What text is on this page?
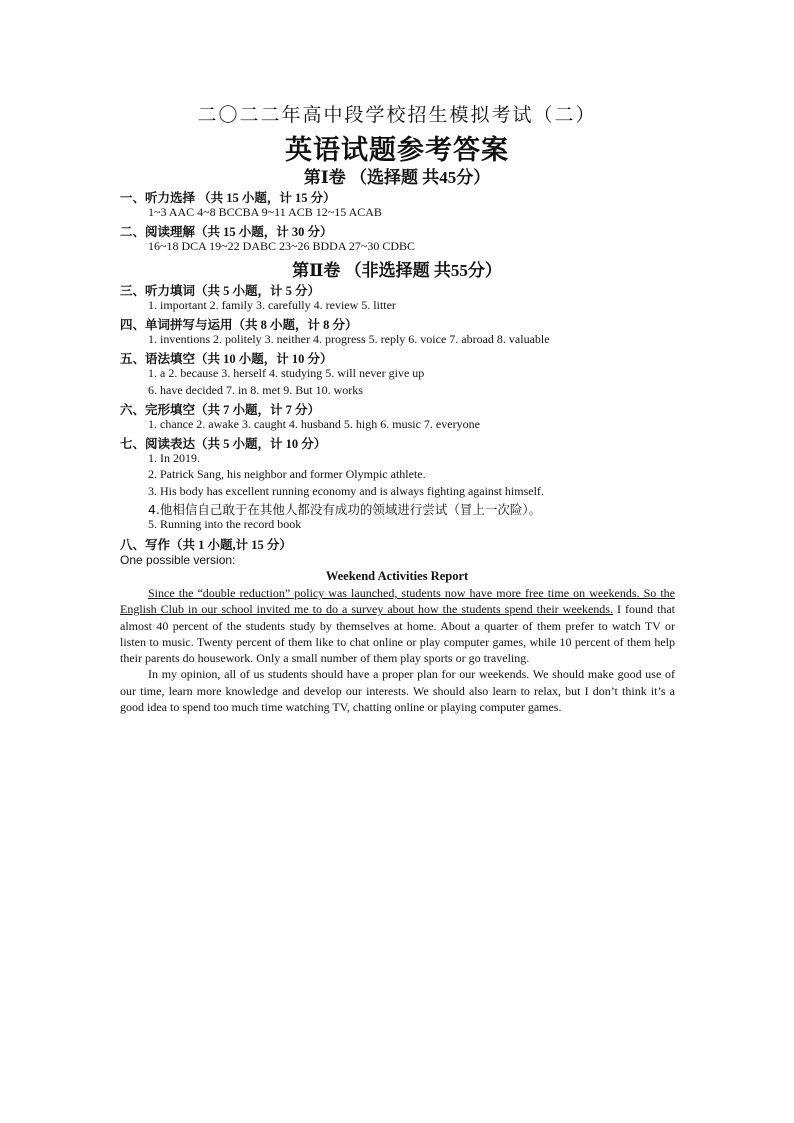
二〇二二年高中段学校招生模拟考试（二）
英语试题参考答案
第Ⅰ卷 （选择题 共45分）
一、听力选择 （共 15 小题，计 15 分）
1~3 AAC 4~8 BCCBA 9~11 ACB 12~15 ACAB
二、阅读理解（共 15 小题，计 30 分）
16~18 DCA 19~22 DABC 23~26 BDDA 27~30 CDBC
第Ⅱ卷 （非选择题 共55分）
三、听力填词（共 5 小题，计 5 分）
1. important 2. family 3. carefully 4. review 5. litter
四、单词拼写与运用（共 8 小题，计 8 分）
1. inventions 2. politely 3. neither 4. progress 5. reply 6. voice 7. abroad 8. valuable
五、语法填空（共 10 小题，计 10 分）
1. a 2. because 3. herself 4. studying 5. will never give up
6. have decided 7. in 8. met 9. But 10. works
六、完形填空（共 7 小题，计 7 分）
1. chance 2. awake 3. caught 4. husband 5. high 6. music 7. everyone
七、阅读表达（共 5 小题，计 10 分）
1. In 2019.
2. Patrick Sang, his neighbor and former Olympic athlete.
3. His body has excellent running economy and is always fighting against himself.
4.他相信自己敢于在其他人都没有成功的领域进行尝试（冒上一次险）。
5. Running into the record book
八、写作（共 1 小题,计 15 分）
One possible version:
Weekend Activities Report

Since the “double reduction” policy was launched, students now have more free time on weekends. So the English Club in our school invited me to do a survey about how the students spend their weekends. I found that almost 40 percent of the students study by themselves at home. About a quarter of them prefer to watch TV or listen to music. Twenty percent of them like to chat online or play computer games, while 10 percent of them help their parents do housework. Only a small number of them play sports or go traveling.

In my opinion, all of us students should have a proper plan for our weekends. We should make good use of our time, learn more knowledge and develop our interests. We should also learn to relax, but I don’t think it’s a good idea to spend too much time watching TV, chatting online or playing computer games.
